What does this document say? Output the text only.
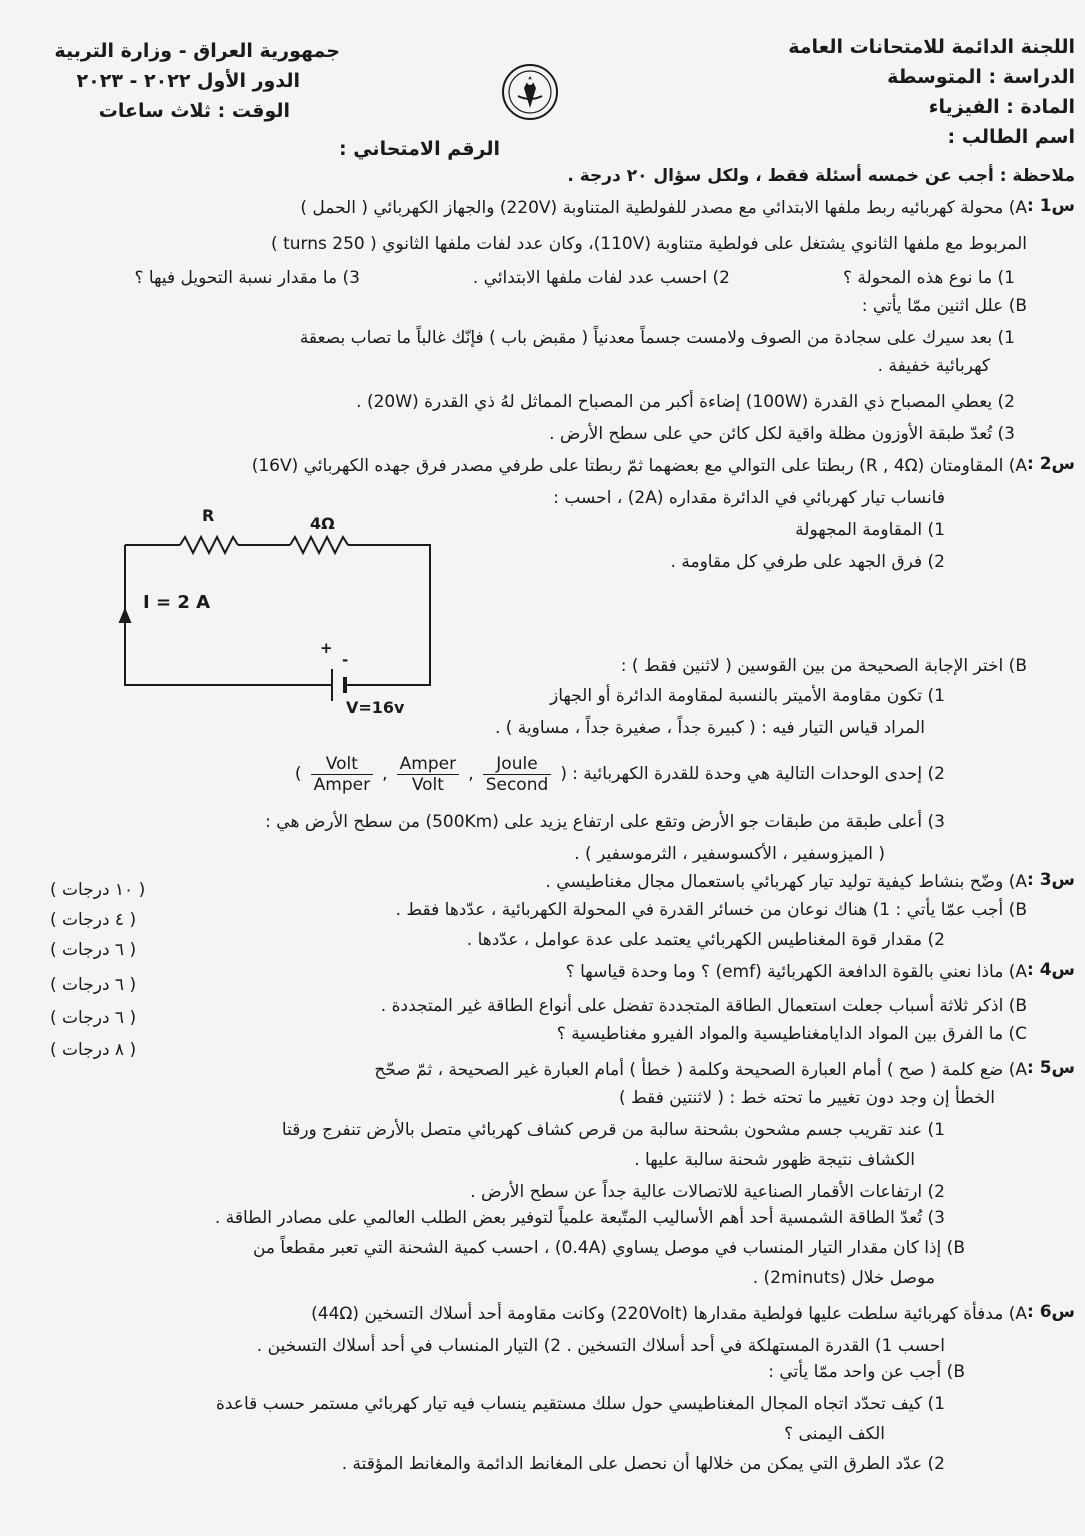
اللجنة الدائمة للامتحانات العامة
الدراسة : المتوسطة
المادة : الفيزياء
اسم الطالب :
جمهورية العراق - وزارة التربية
الدور الأول ٢٠٢٢ - ٢٠٢٣
الوقت : ثلاث ساعات
الرقم الامتحاني :
ملاحظة : أجب عن خمسه أسئلة فقط ، ولكل سؤال ٢٠ درجة .
س1 :
A) محولة كهربائيه ربط ملفها الابتدائي مع مصدر للفولطية المتناوبة (220V) والجهاز الكهربائي ( الحمل )
المربوط مع ملفها الثانوي يشتغل على فولطية متناوبة (110V)، وكان عدد لفات ملفها الثانوي ( 250 turns )
1) ما نوع هذه المحولة ؟
2) احسب عدد لفات ملفها الابتدائي .
3) ما مقدار نسبة التحويل فيها ؟
B) علل اثنين ممّا يأتي :
1) بعد سيرك على سجادة من الصوف ولامست جسماً معدنياً ( مقبض باب ) فإنّك غالباً ما تصاب بصعقة
كهربائية خفيفة .
2) يعطي المصباح ذي القدرة (100W) إضاءة أكبر من المصباح المماثل لهُ ذي القدرة (20W) .
3) تُعدّ طبقة الأوزون مظلة واقية لكل كائن حي على سطح الأرض .
س2 :
A) المقاومتان (R , 4Ω) ربطتا على التوالي مع بعضهما ثمّ ربطتا على طرفي مصدر فرق جهده الكهربائي (16V)
فانساب تيار كهربائي في الدائرة مقداره (2A) ، احسب :
1) المقاومة المجهولة
2) فرق الجهد على طرفي كل مقاومة .
R	4Ω
I = 2 A
+
-
V=16v
B) اختر الإجابة الصحيحة من بين القوسين ( لاثنين فقط ) :
1) تكون مقاومة الأميتر بالنسبة لمقاومة الدائرة أو الجهاز
المراد قياس التيار فيه : ( كبيرة جداً ، صغيرة جداً ، مساوية ) .
2) إحدى الوحدات التالية هي وحدة للقدرة الكهربائية : (
$\frac{\text{Joule}}{\text{Second}}$
,
$\frac{\text{Amper}}{\text{Volt}}$
,
$\frac{\text{Volt}}{\text{Amper}}$
)
3) أعلى طبقة من طبقات جو الأرض وتقع على ارتفاع يزيد على (500Km) من سطح الأرض هي :
( الميزوسفير ، الأكسوسفير ، الثرموسفير ) .
س3 :
A) وضّح بنشاط كيفية توليد تيار كهربائي باستعمال مجال مغناطيسي .
B) أجب عمّا يأتي : 1) هناك نوعان من خسائر القدرة في المحولة الكهربائية ، عدّدها فقط .
2) مقدار قوة المغناطيس الكهربائي يعتمد على عدة عوامل ، عدّدها .
س4 :
A) ماذا نعني بالقوة الدافعة الكهربائية (emf) ؟ وما وحدة قياسها ؟
B) اذكر ثلاثة أسباب جعلت استعمال الطاقة المتجددة تفضل على أنواع الطاقة غير المتجددة .
C) ما الفرق بين المواد الدايامغناطيسية والمواد الفيرو مغناطيسية ؟
( ١٠ درجات )
( ٤ درجات )
( ٦ درجات )
( ٦ درجات )
( ٦ درجات )
( ٨ درجات )
س5 :
A) ضع كلمة ( صح ) أمام العبارة الصحيحة وكلمة ( خطأ ) أمام العبارة غير الصحيحة ، ثمّ صحّح
الخطأ إن وجد دون تغيير ما تحته خط : ( لاثنتين فقط )
1) عند تقريب جسم مشحون بشحنة سالبة من قرص كشاف كهربائي متصل بالأرض تنفرج ورقتا
الكشاف نتيجة ظهور شحنة سالبة عليها .
2) ارتفاعات الأقمار الصناعية للاتصالات عالية جداً عن سطح الأرض .
3) تُعدّ الطاقة الشمسية أحد أهم الأساليب المتّبعة علمياً لتوفير بعض الطلب العالمي على مصادر الطاقة .
B) إذا كان مقدار التيار المنساب في موصل يساوي (0.4A) ، احسب كمية الشحنة التي تعبر مقطعاً من
موصل خلال (2minuts) .
س6 :
A) مدفأة كهربائية سلطت عليها فولطية مقدارها (220Volt) وكانت مقاومة أحد أسلاك التسخين (44Ω)
احسب 1) القدرة المستهلكة في أحد أسلاك التسخين . 2) التيار المنساب في أحد أسلاك التسخين .
B) أجب عن واحد ممّا يأتي :
1) كيف تحدّد اتجاه المجال المغناطيسي حول سلك مستقيم ينساب فيه تيار كهربائي مستمر حسب قاعدة
الكف اليمنى ؟
2) عدّد الطرق التي يمكن من خلالها أن نحصل على المغانط الدائمة والمغانط المؤقتة .
